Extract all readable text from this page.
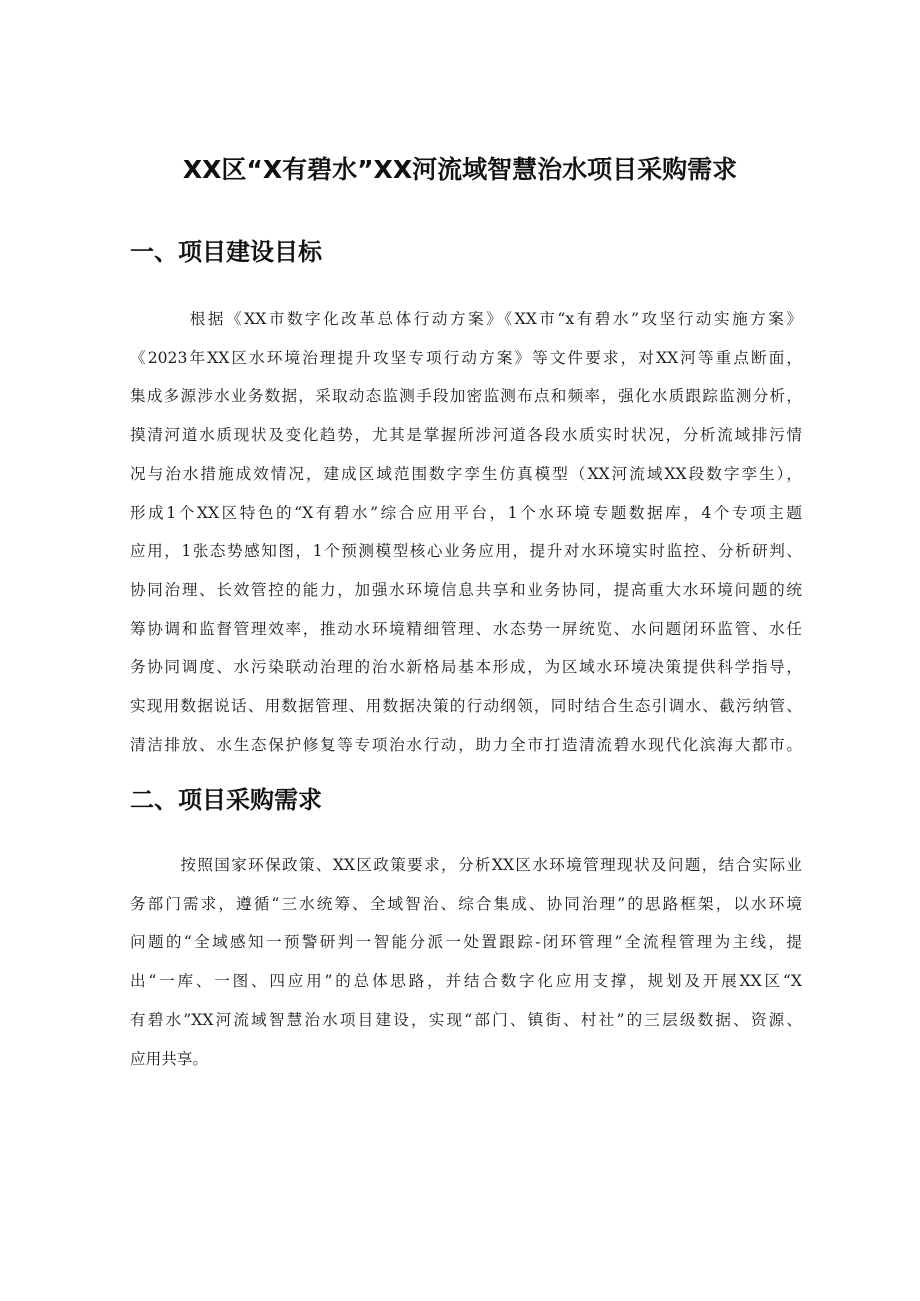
XX区“X有碧水”XX河流域智慧治水项目采购需求
一、项目建设目标
根据《XX市数字化改革总体行动方案》《XX市“x有碧水”攻坚行动实施方案》
《2023年XX区水环境治理提升攻坚专项行动方案》等文件要求，对XX河等重点断面，
集成多源涉水业务数据，采取动态监测手段加密监测布点和频率，强化水质跟踪监测分析，
摸清河道水质现状及变化趋势，尤其是掌握所涉河道各段水质实时状况，分析流域排污情
况与治水措施成效情况，建成区域范围数字孪生仿真模型（XX河流域XX段数字孪生），
形成1个XX区特色的“X有碧水”综合应用平台，1个水环境专题数据库，4个专项主题
应用，1张态势感知图，1个预测模型核心业务应用，提升对水环境实时监控、分析研判、
协同治理、长效管控的能力，加强水环境信息共享和业务协同，提高重大水环境问题的统
筹协调和监督管理效率，推动水环境精细管理、水态势一屏统览、水问题闭环监管、水任
务协同调度、水污染联动治理的治水新格局基本形成，为区域水环境决策提供科学指导，
实现用数据说话、用数据管理、用数据决策的行动纲领，同时结合生态引调水、截污纳管、
清洁排放、水生态保护修复等专项治水行动，助力全市打造清流碧水现代化滨海大都市。
二、项目采购需求
按照国家环保政策、XX区政策要求，分析XX区水环境管理现状及问题，结合实际业
务部门需求，遵循“三水统筹、全域智治、综合集成、协同治理”的思路框架，以水环境
问题的“全域感知一预警研判一智能分派一处置跟踪-闭环管理”全流程管理为主线，提
出“一库、一图、四应用”的总体思路，并结合数字化应用支撑，规划及开展XX区“X
有碧水”XX河流域智慧治水项目建设，实现“部门、镇街、村社”的三层级数据、资源、
应用共享。
